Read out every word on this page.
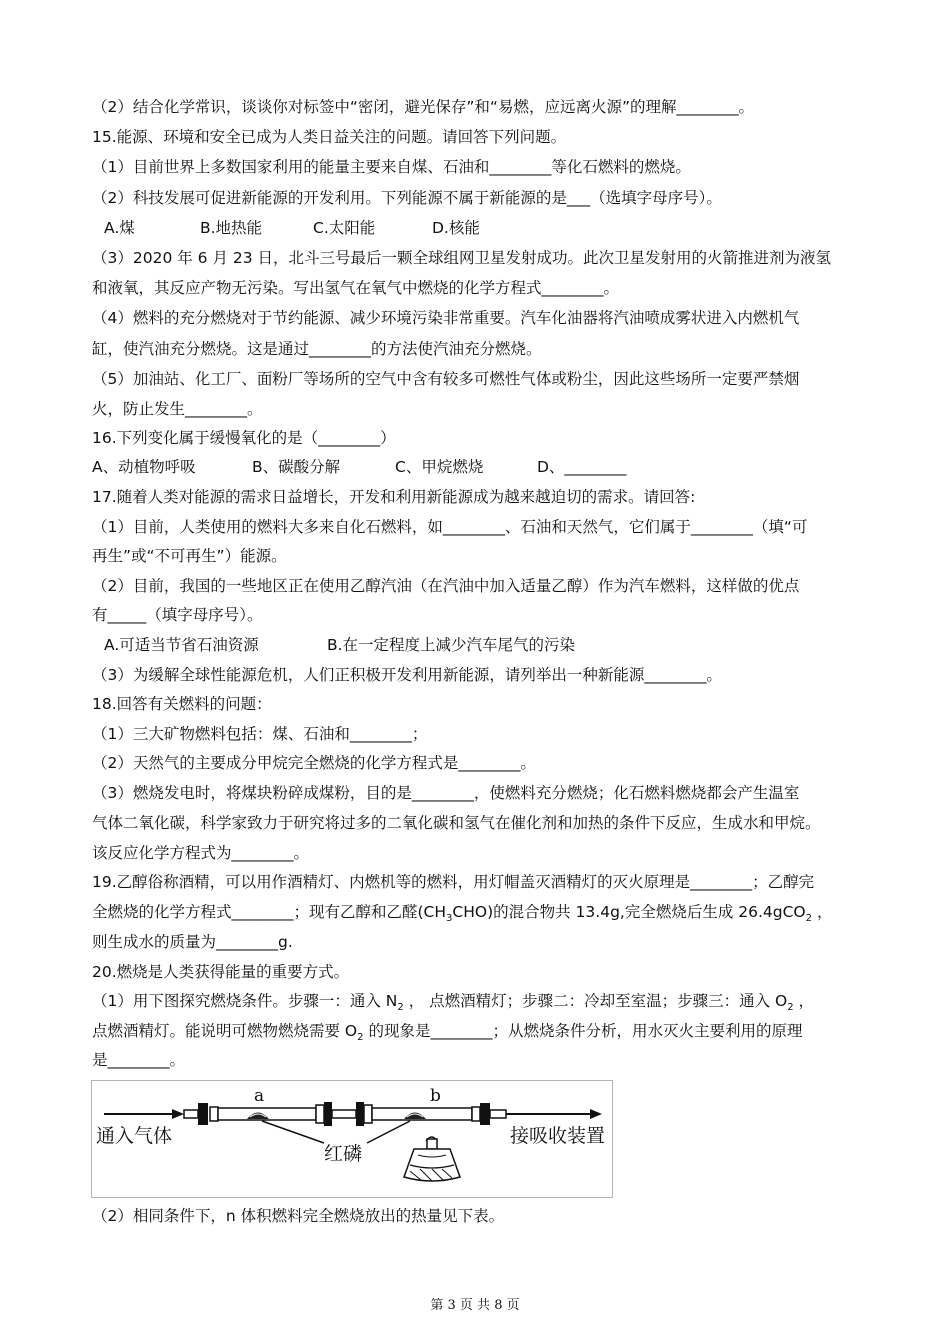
（2）结合化学常识，谈谈你对标签中“密闭，避光保存”和“易燃，应远离火源”的理解________。
15.能源、环境和安全已成为人类日益关注的问题。请回答下列问题。
（1）目前世界上多数国家利用的能量主要来自煤、石油和________等化石燃料的燃烧。
（2）科技发展可促进新能源的开发利用。下列能源不属于新能源的是___（选填字母序号）。
A.煤	B.地热能	C.太阳能	D.核能
（3）2020 年 6 月 23 日，北斗三号最后一颗全球组网卫星发射成功。此次卫星发射用的火箭推进剂为液氢
和液氧，其反应产物无污染。写出氢气在氧气中燃烧的化学方程式________。
（4）燃料的充分燃烧对于节约能源、减少环境污染非常重要。汽车化油器将汽油喷成雾状进入内燃机气
缸，使汽油充分燃烧。这是通过________的方法使汽油充分燃烧。
（5）加油站、化工厂、面粉厂等场所的空气中含有较多可燃性气体或粉尘，因此这些场所一定要严禁烟
火，防止发生________。
16.下列变化属于缓慢氧化的是（________）
A、动植物呼吸	B、碳酸分解	C、甲烷燃烧	D、________
17.随着人类对能源的需求日益增长，开发和利用新能源成为越来越迫切的需求。请回答:
（1）目前，人类使用的燃料大多来自化石燃料，如________、石油和天然气，它们属于________（填“可
再生”或“不可再生”）能源。
（2）目前，我国的一些地区正在使用乙醇汽油（在汽油中加入适量乙醇）作为汽车燃料，这样做的优点
有_____（填字母序号）。
A.可适当节省石油资源	B.在一定程度上减少汽车尾气的污染
（3）为缓解全球性能源危机，人们正积极开发利用新能源，请列举出一种新能源________。
18.回答有关燃料的问题：
（1）三大矿物燃料包括：煤、石油和________；
（2）天然气的主要成分甲烷完全燃烧的化学方程式是________。
（3）燃烧发电时，将煤块粉碎成煤粉，目的是________，使燃料充分燃烧；化石燃料燃烧都会产生温室
气体二氧化碳，科学家致力于研究将过多的二氧化碳和氢气在催化剂和加热的条件下反应，生成水和甲烷。
该反应化学方程式为________。
19.乙醇俗称酒精，可以用作酒精灯、内燃机等的燃料，用灯帽盖灭酒精灯的灭火原理是________；乙醇完
全燃烧的化学方程式________；现有乙醇和乙醛$(CH_3CHO)$的混合物共 13.4g,完全燃烧后生成 26.4gCO$_2$ ，
则生成水的质量为________g.
20.燃烧是人类获得能量的重要方式。
（1）用下图探究燃烧条件。步骤一：通入 $N_2$ ， 点燃酒精灯；步骤二：冷却至室温；步骤三：通入 $O_2$ ，
点燃酒精灯。能说明可燃物燃烧需要 $O_2$ 的现象是________；从燃烧条件分析，用水灭火主要利用的原理
是________。
a	b
通入气体	接吸收装置
红磷
（2）相同条件下，n 体积燃料完全燃烧放出的热量见下表。
第 3 页 共 8 页
